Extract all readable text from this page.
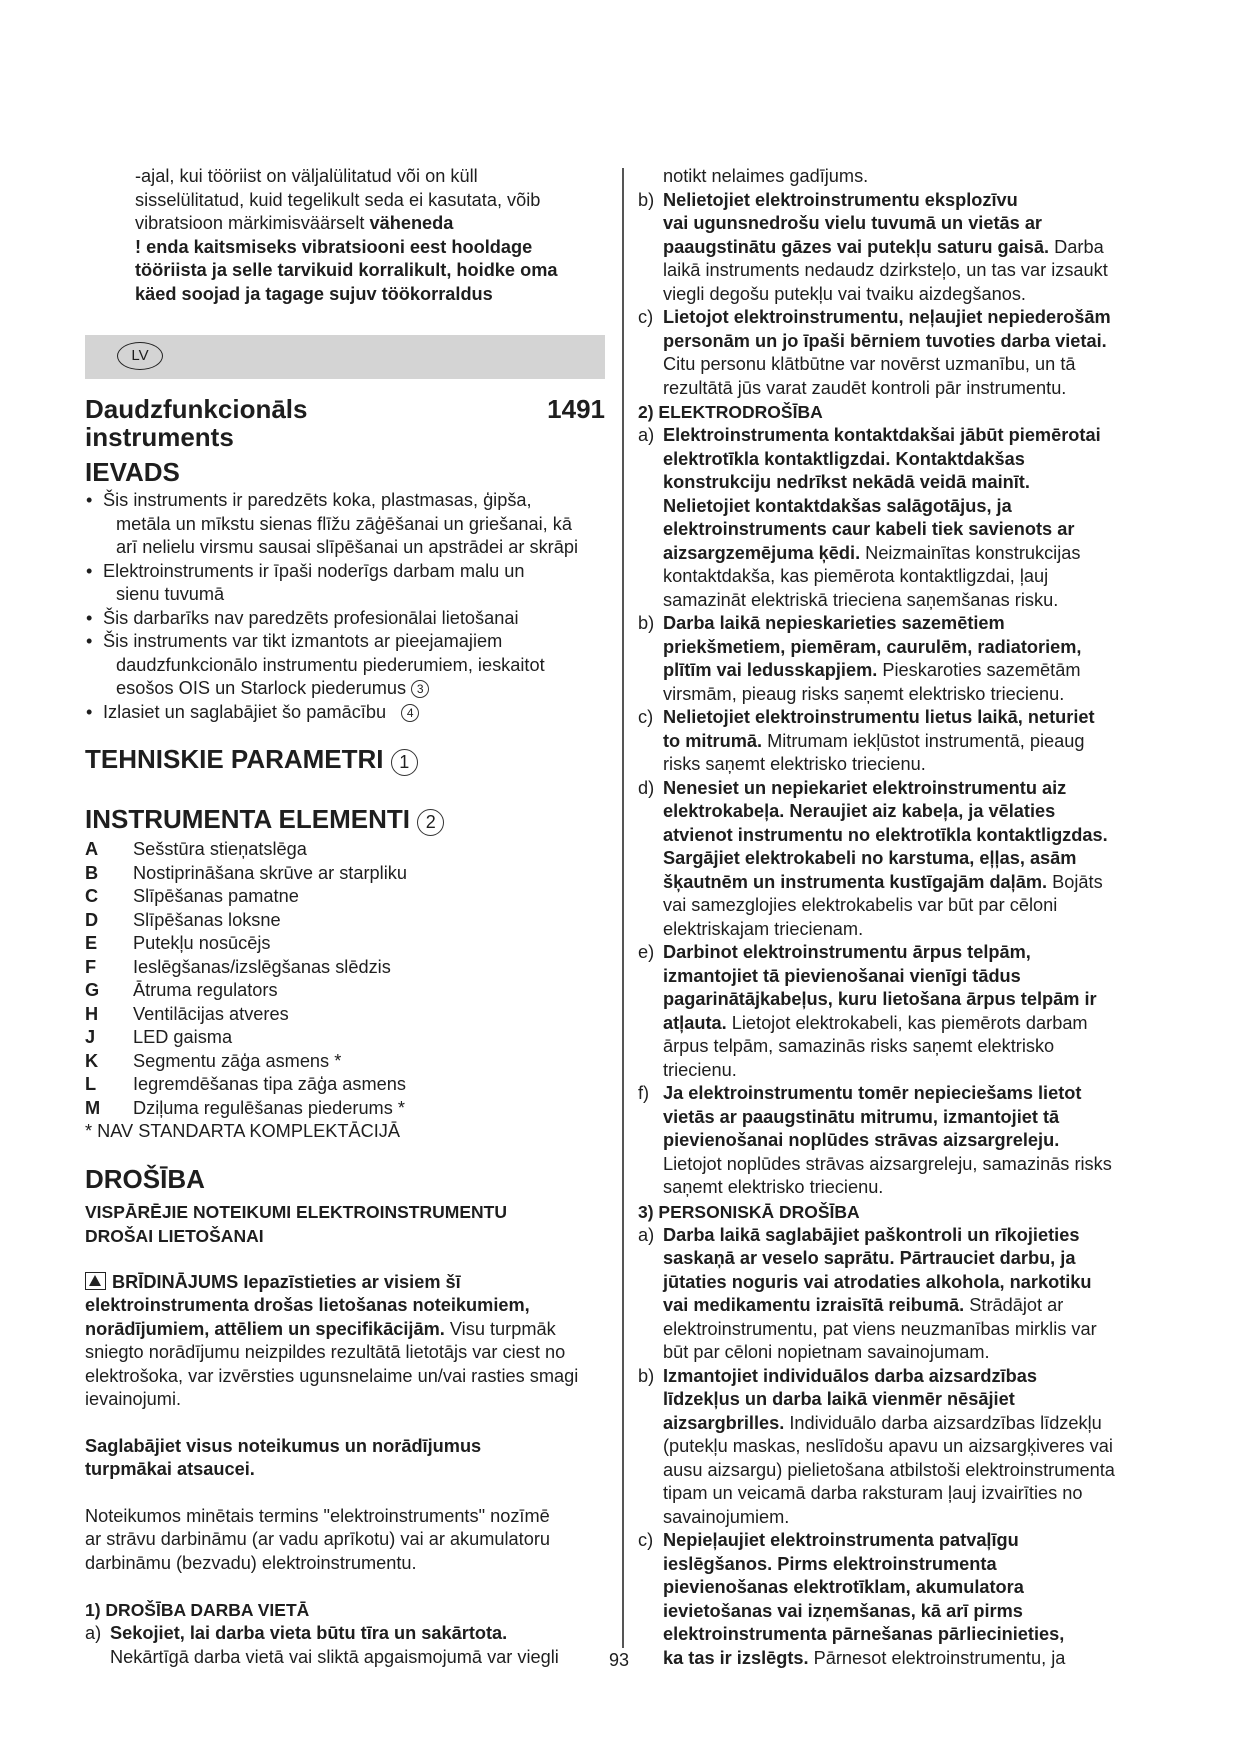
-ajal, kui tööriist on väljalülitatud või on küll

sisselülitatud, kuid tegelikult seda ei kasutata, võib

vibratsioon märkimisväärselt väheneda

! enda kaitsmiseks vibratsiooni eest hooldage

tööriista ja selle tarvikuid korralikult, hoidke oma

käed soojad ja tagage sujuv töökorraldus

LV
Daudzfunkcionāls
instruments
1491
IEVADS

• Šis instruments ir paredzēts koka, plastmasas, ģipša,

metāla un mīkstu sienas flīžu zāģēšanai un griešanai, kā

arī nelielu virsmu sausai slīpēšanai un apstrādei ar skrāpi

• Elektroinstruments ir īpaši noderīgs darbam malu un

sienu tuvumā

• Šis darbarīks nav paredzēts profesionālai lietošanai

• Šis instruments var tikt izmantots ar pieejamajiem

daudzfunkcionālo instrumentu piederumiem, ieskaitot

esošos OIS un Starlock piederumus 3

• Izlasiet un saglabājiet šo pamācību 4

TEHNISKIE PARAMETRI 1
INSTRUMENTA ELEMENTI 2
A	Sešstūra stieņatslēga
B	Nostiprināšana skrūve ar starpliku
C	Slīpēšanas pamatne
D	Slīpēšanas loksne
E	Putekļu nosūcējs
F	Ieslēgšanas/izslēgšanas slēdzis
G	Ātruma regulators
H	Ventilācijas atveres
J	LED gaisma
K	Segmentu zāģa asmens *
L	Iegremdēšanas tipa zāģa asmens
M	Dziļuma regulēšanas piederums *

* NAV STANDARTA KOMPLEKTĀCIJĀ

DROŠĪBA

VISPĀRĒJIE NOTEIKUMI ELEKTROINSTRUMENTU

DROŠAI LIETOŠANAI

BRĪDINĀJUMS Iepazīstieties ar visiem šī

elektroinstrumenta drošas lietošanas noteikumiem,

norādījumiem, attēliem un specifikācijām. Visu turpmāk

sniegto norādījumu neizpildes rezultātā lietotājs var ciest no

elektrošoka, var izvērsties ugunsnelaime un/vai rasties smagi

ievainojumi.

Saglabājiet visus noteikumus un norādījumus

turpmākai atsaucei.

Noteikumos minētais termins "elektroinstruments" nozīmē

ar strāvu darbināmu (ar vadu aprīkotu) vai ar akumulatoru

darbināmu (bezvadu) elektroinstrumentu.

1) DROŠĪBA DARBA VIETĀ
a) Sekojiet, lai darba vieta būtu tīra un sakārtota.

Nekārtīgā darba vietā vai sliktā apgaismojumā var viegli

notikt nelaimes gadījums.

b) Nelietojiet elektroinstrumentu eksplozīvu

vai ugunsnedrošu vielu tuvumā un vietās ar

paaugstinātu gāzes vai putekļu saturu gaisā. Darba

laikā instruments nedaudz dzirksteļo, un tas var izsaukt

viegli degošu putekļu vai tvaiku aizdegšanos.

c) Lietojot elektroinstrumentu, neļaujiet nepiederošām

personām un jo īpaši bērniem tuvoties darba vietai.

Citu personu klātbūtne var novērst uzmanību, un tā

rezultātā jūs varat zaudēt kontroli pār instrumentu.

2) ELEKTRODROŠĪBA
a) Elektroinstrumenta kontaktdakšai jābūt piemērotai

elektrotīkla kontaktligzdai. Kontaktdakšas

konstrukciju nedrīkst nekādā veidā mainīt.

Nelietojiet kontaktdakšas salāgotājus, ja

elektroinstruments caur kabeli tiek savienots ar

aizsargzemējuma ķēdi. Neizmainītas konstrukcijas

kontaktdakša, kas piemērota kontaktligzdai, ļauj

samazināt elektriskā trieciena saņemšanas risku.

b) Darba laikā nepieskarieties sazemētiem

priekšmetiem, piemēram, caurulēm, radiatoriem,

plītīm vai ledusskapjiem. Pieskaroties sazemētām

virsmām, pieaug risks saņemt elektrisko triecienu.

c) Nelietojiet elektroinstrumentu lietus laikā, neturiet

to mitrumā. Mitrumam iekļūstot instrumentā, pieaug

risks saņemt elektrisko triecienu.

d) Nenesiet un nepiekariet elektroinstrumentu aiz

elektrokabeļa. Neraujiet aiz kabeļa, ja vēlaties

atvienot instrumentu no elektrotīkla kontaktligzdas.

Sargājiet elektrokabeli no karstuma, eļļas, asām

šķautnēm un instrumenta kustīgajām daļām. Bojāts

vai samezglojies elektrokabelis var būt par cēloni

elektriskajam triecienam.

e) Darbinot elektroinstrumentu ārpus telpām,

izmantojiet tā pievienošanai vienīgi tādus

pagarinātājkabeļus, kuru lietošana ārpus telpām ir

atļauta. Lietojot elektrokabeli, kas piemērots darbam

ārpus telpām, samazinās risks saņemt elektrisko

triecienu.

f) Ja elektroinstrumentu tomēr nepieciešams lietot

vietās ar paaugstinātu mitrumu, izmantojiet tā

pievienošanai noplūdes strāvas aizsargreleju.

Lietojot noplūdes strāvas aizsargreleju, samazinās risks

saņemt elektrisko triecienu.

3) PERSONISKĀ DROŠĪBA
a) Darba laikā saglabājiet paškontroli un rīkojieties

saskaņā ar veselo saprātu. Pārtrauciet darbu, ja

jūtaties noguris vai atrodaties alkohola, narkotiku

vai medikamentu izraisītā reibumā. Strādājot ar

elektroinstrumentu, pat viens neuzmanības mirklis var

būt par cēloni nopietnam savainojumam.

b) Izmantojiet individuālos darba aizsardzības

līdzekļus un darba laikā vienmēr nēsājiet

aizsargbrilles. Individuālo darba aizsardzības līdzekļu

(putekļu maskas, neslīdošu apavu un aizsargķiveres vai

ausu aizsargu) pielietošana atbilstoši elektroinstrumenta

tipam un veicamā darba raksturam ļauj izvairīties no

savainojumiem.

c) Nepieļaujiet elektroinstrumenta patvaļīgu

ieslēgšanos. Pirms elektroinstrumenta

pievienošanas elektrotīklam, akumulatora

ievietošanas vai izņemšanas, kā arī pirms

elektroinstrumenta pārnešanas pārliecinieties,

ka tas ir izslēgts. Pārnesot elektroinstrumentu, ja

93
